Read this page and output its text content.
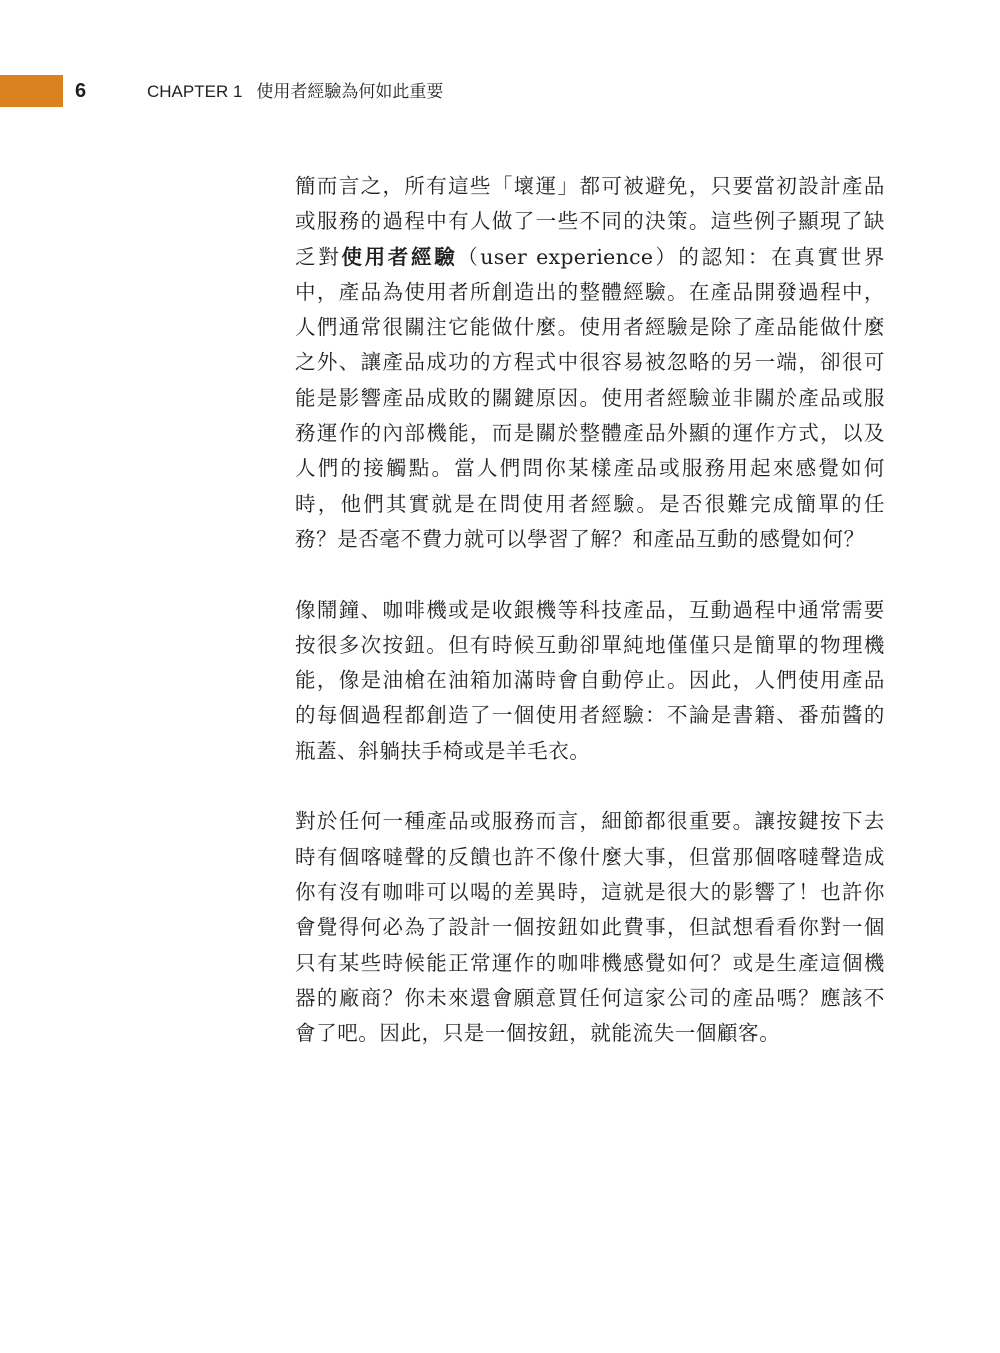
6	CHAPTER 1 使用者經驗為何如此重要

簡而言之，所有這些「壞運」都可被避免，只要當初設計產品或服務的過程中有人做了一些不同的決策。這些例子顯現了缺乏對使用者經驗（user experience）的認知：在真實世界中，產品為使用者所創造出的整體經驗。在產品開發過程中，人們通常很關注它能做什麼。使用者經驗是除了產品能做什麼之外、讓產品成功的方程式中很容易被忽略的另一端，卻很可能是影響產品成敗的關鍵原因。使用者經驗並非關於產品或服務運作的內部機能，而是關於整體產品外顯的運作方式，以及人們的接觸點。當人們問你某樣產品或服務用起來感覺如何時，他們其實就是在問使用者經驗。是否很難完成簡單的任務？是否毫不費力就可以學習了解？和產品互動的感覺如何？

像鬧鐘、咖啡機或是收銀機等科技產品，互動過程中通常需要按很多次按鈕。但有時候互動卻單純地僅僅只是簡單的物理機能，像是油槍在油箱加滿時會自動停止。因此，人們使用產品的每個過程都創造了一個使用者經驗：不論是書籍、番茄醬的瓶蓋、斜躺扶手椅或是羊毛衣。

對於任何一種產品或服務而言，細節都很重要。讓按鍵按下去時有個喀噠聲的反饋也許不像什麼大事，但當那個喀噠聲造成你有沒有咖啡可以喝的差異時，這就是很大的影響了！也許你會覺得何必為了設計一個按鈕如此費事，但試想看看你對一個只有某些時候能正常運作的咖啡機感覺如何？或是生產這個機器的廠商？你未來還會願意買任何這家公司的產品嗎？應該不會了吧。因此，只是一個按鈕，就能流失一個顧客。
